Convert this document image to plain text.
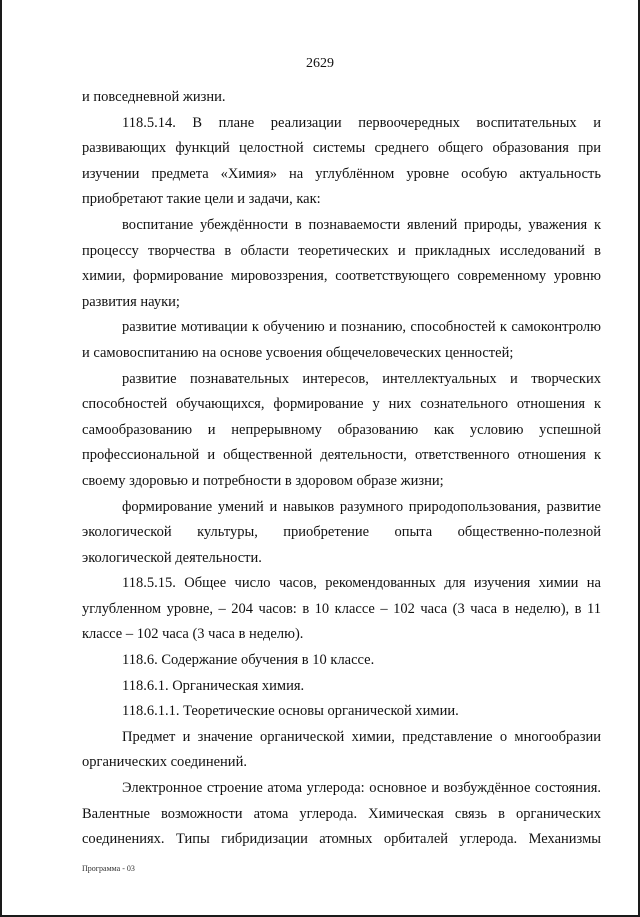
2629

и повседневной жизни.

118.5.14. В плане реализации первоочередных воспитательных и развивающих функций целостной системы среднего общего образования при изучении предмета «Химия» на углублённом уровне особую актуальность приобретают такие цели и задачи, как:

воспитание убеждённости в познаваемости явлений природы, уважения к процессу творчества в области теоретических и прикладных исследований в химии, формирование мировоззрения, соответствующего современному уровню развития науки;

развитие мотивации к обучению и познанию, способностей к самоконтролю и самовоспитанию на основе усвоения общечеловеческих ценностей;

развитие познавательных интересов, интеллектуальных и творческих способностей обучающихся, формирование у них сознательного отношения к самообразованию и непрерывному образованию как условию успешной профессиональной и общественной деятельности, ответственного отношения к своему здоровью и потребности в здоровом образе жизни;

формирование умений и навыков разумного природопользования, развитие экологической культуры, приобретение опыта общественно-полезной экологической деятельности.

118.5.15. Общее число часов, рекомендованных для изучения химии на углубленном уровне, – 204 часов: в 10 классе – 102 часа (3 часа в неделю), в 11 классе – 102 часа (3 часа в неделю).

118.6. Содержание обучения в 10 классе.

118.6.1. Органическая химия.

118.6.1.1. Теоретические основы органической химии.

Предмет и значение органической химии, представление о многообразии органических соединений.

Электронное строение атома углерода: основное и возбуждённое состояния. Валентные возможности атома углерода. Химическая связь в органических соединениях. Типы гибридизации атомных орбиталей углерода. Механизмы

Программа - 03
